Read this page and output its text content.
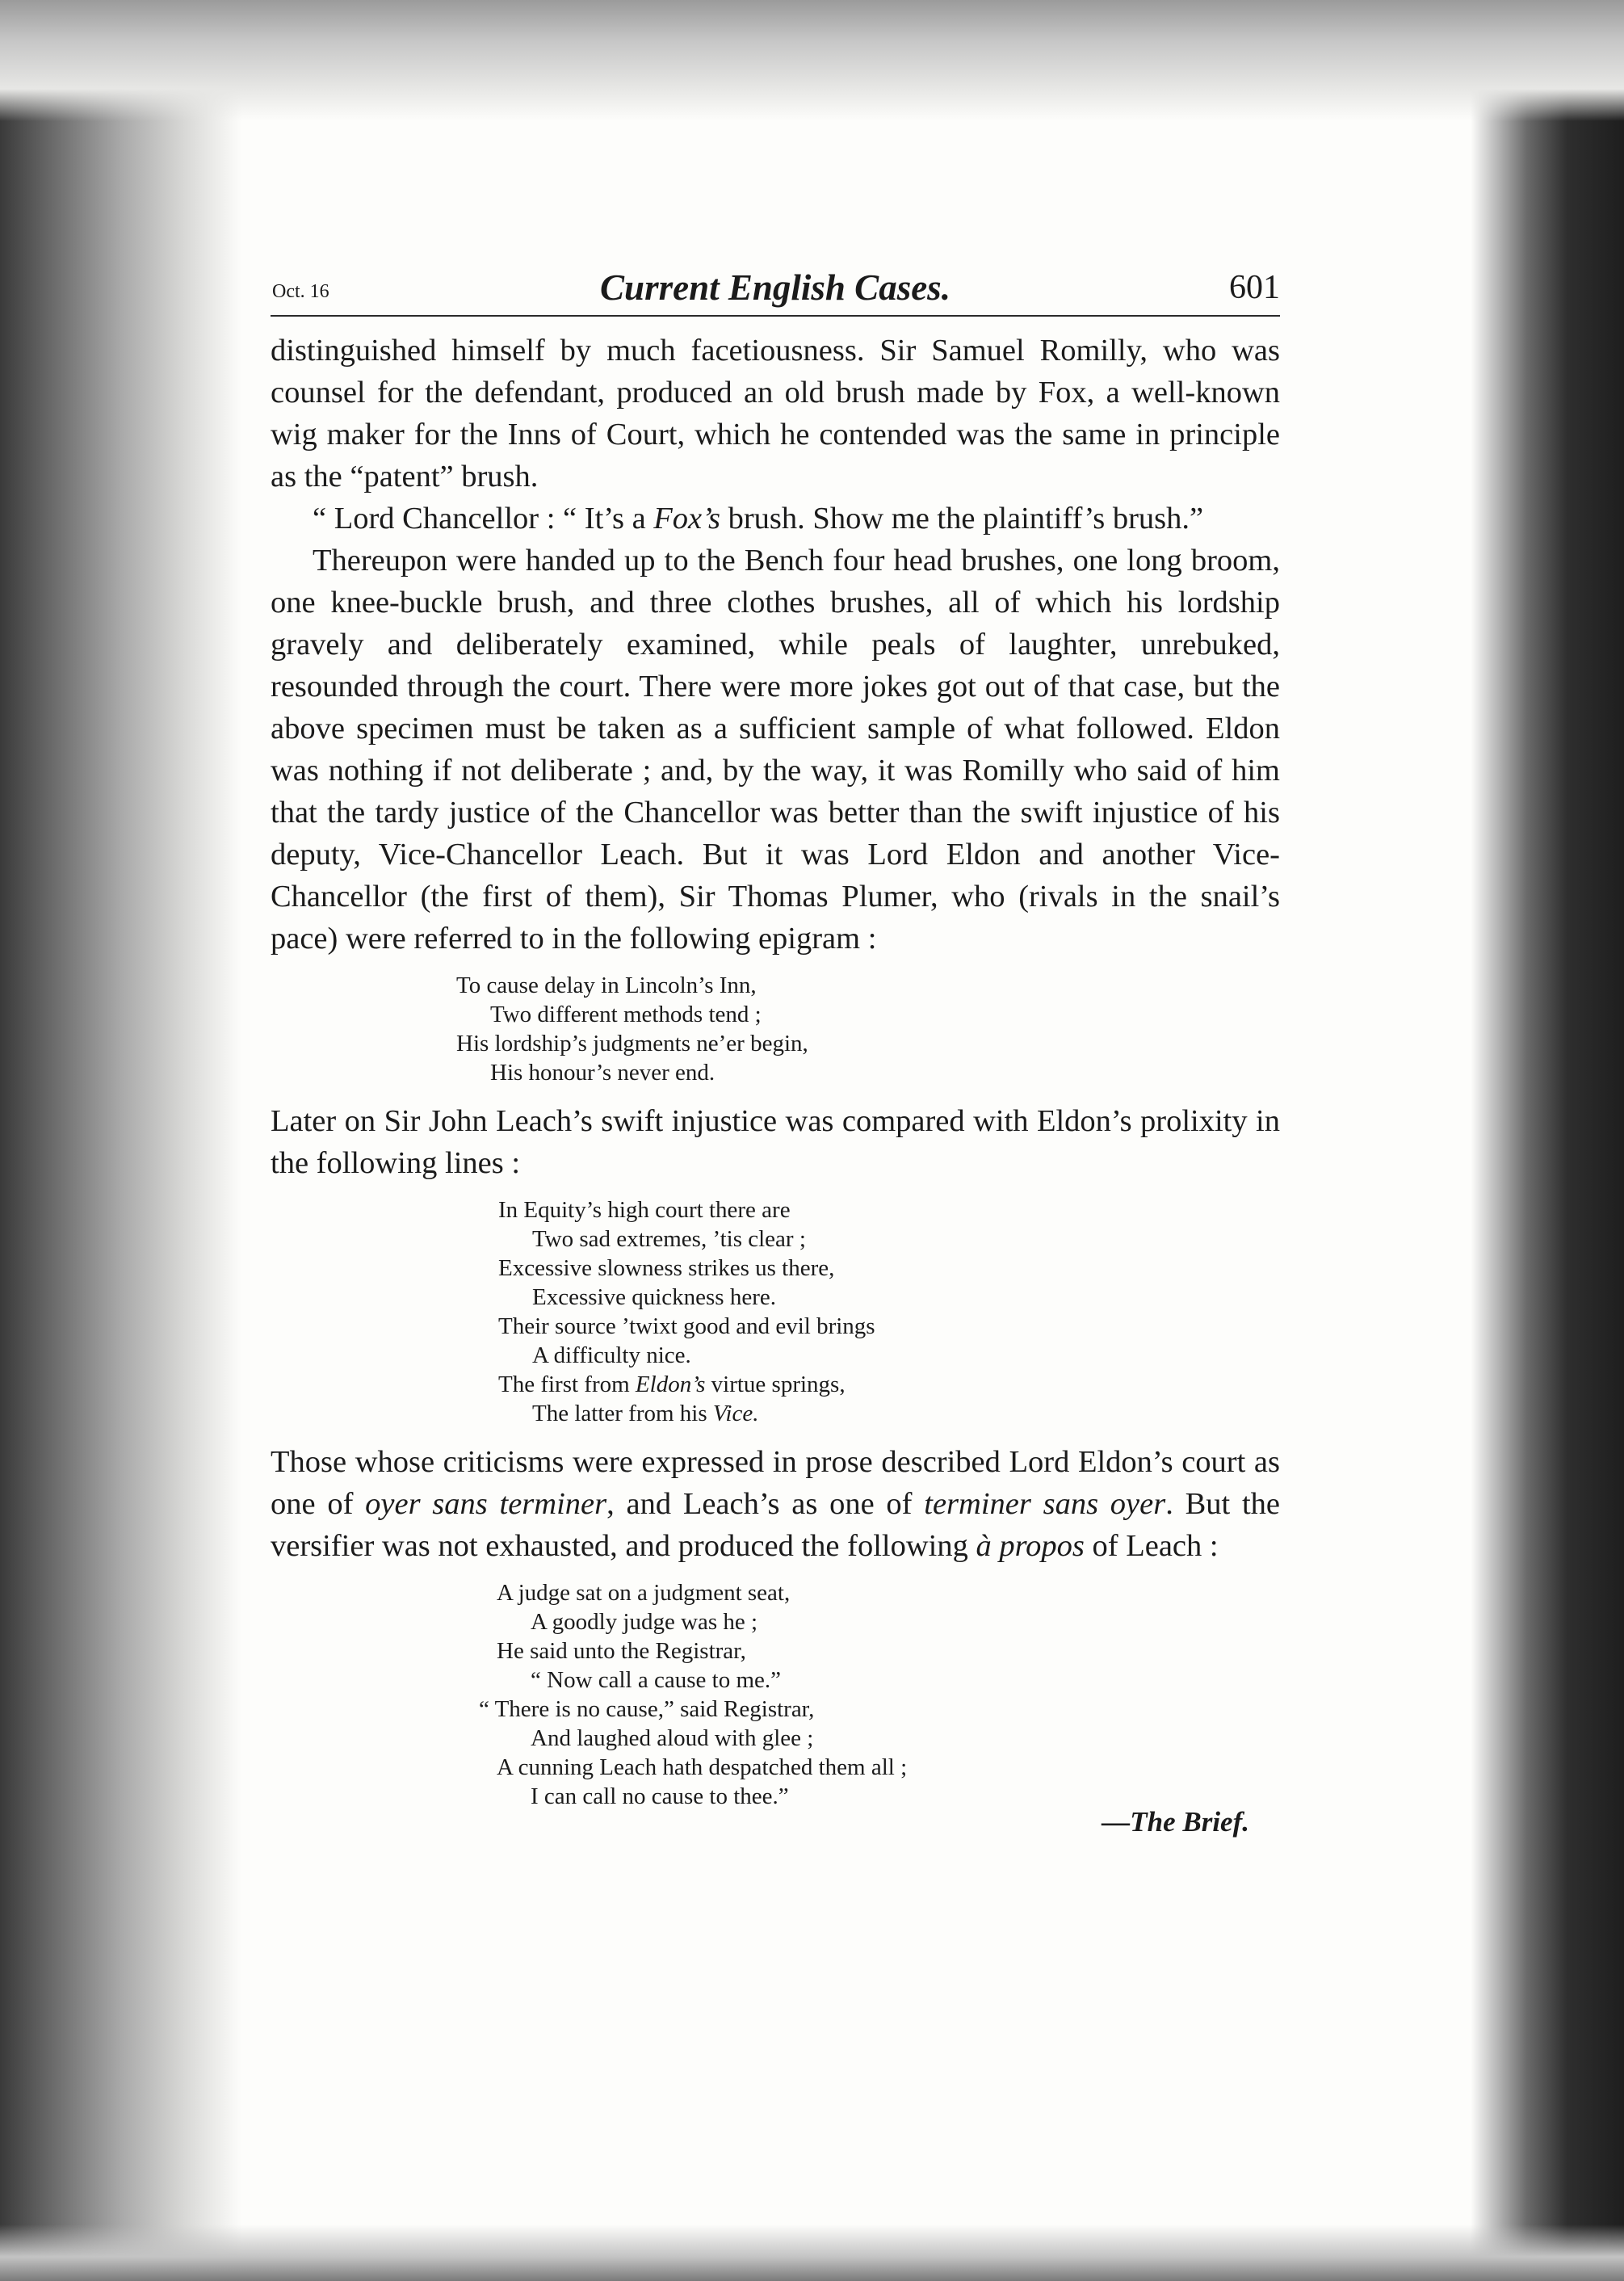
Oct. 16	Current English Cases.	601

distinguished himself by much facetiousness. Sir Samuel Romilly, who was counsel for the defendant, produced an old brush made by Fox, a well-known wig maker for the Inns of Court, which he contended was the same in principle as the “patent” brush.

“ Lord Chancellor : “ It’s a Fox’s brush. Show me the plaintiff’s brush.”

Thereupon were handed up to the Bench four head brushes, one long broom, one knee-buckle brush, and three clothes brushes, all of which his lordship gravely and deliberately examined, while peals of laughter, unrebuked, resounded through the court. There were more jokes got out of that case, but the above specimen must be taken as a sufficient sample of what followed. Eldon was nothing if not deliberate ; and, by the way, it was Romilly who said of him that the tardy justice of the Chancellor was better than the swift injustice of his deputy, Vice-Chancellor Leach. But it was Lord Eldon and another Vice-Chancellor (the first of them), Sir Thomas Plumer, who (rivals in the snail’s pace) were referred to in the following epigram :

To cause delay in Lincoln’s Inn,
Two different methods tend ;
His lordship’s judgments ne’er begin,
His honour’s never end.

Later on Sir John Leach’s swift injustice was compared with Eldon’s prolixity in the following lines :

In Equity’s high court there are
Two sad extremes, ’tis clear ;
Excessive slowness strikes us there,
Excessive quickness here.
Their source ’twixt good and evil brings
A difficulty nice.
The first from Eldon’s virtue springs,
The latter from his Vice.

Those whose criticisms were expressed in prose described Lord Eldon’s court as one of oyer sans terminer, and Leach’s as one of terminer sans oyer. But the versifier was not exhausted, and produced the following à propos of Leach :

A judge sat on a judgment seat,
A goodly judge was he ;
He said unto the Registrar,
“ Now call a cause to me.”
“ There is no cause,” said Registrar,
And laughed aloud with glee ;
A cunning Leach hath despatched them all ;
I can call no cause to thee.”
—The Brief.
